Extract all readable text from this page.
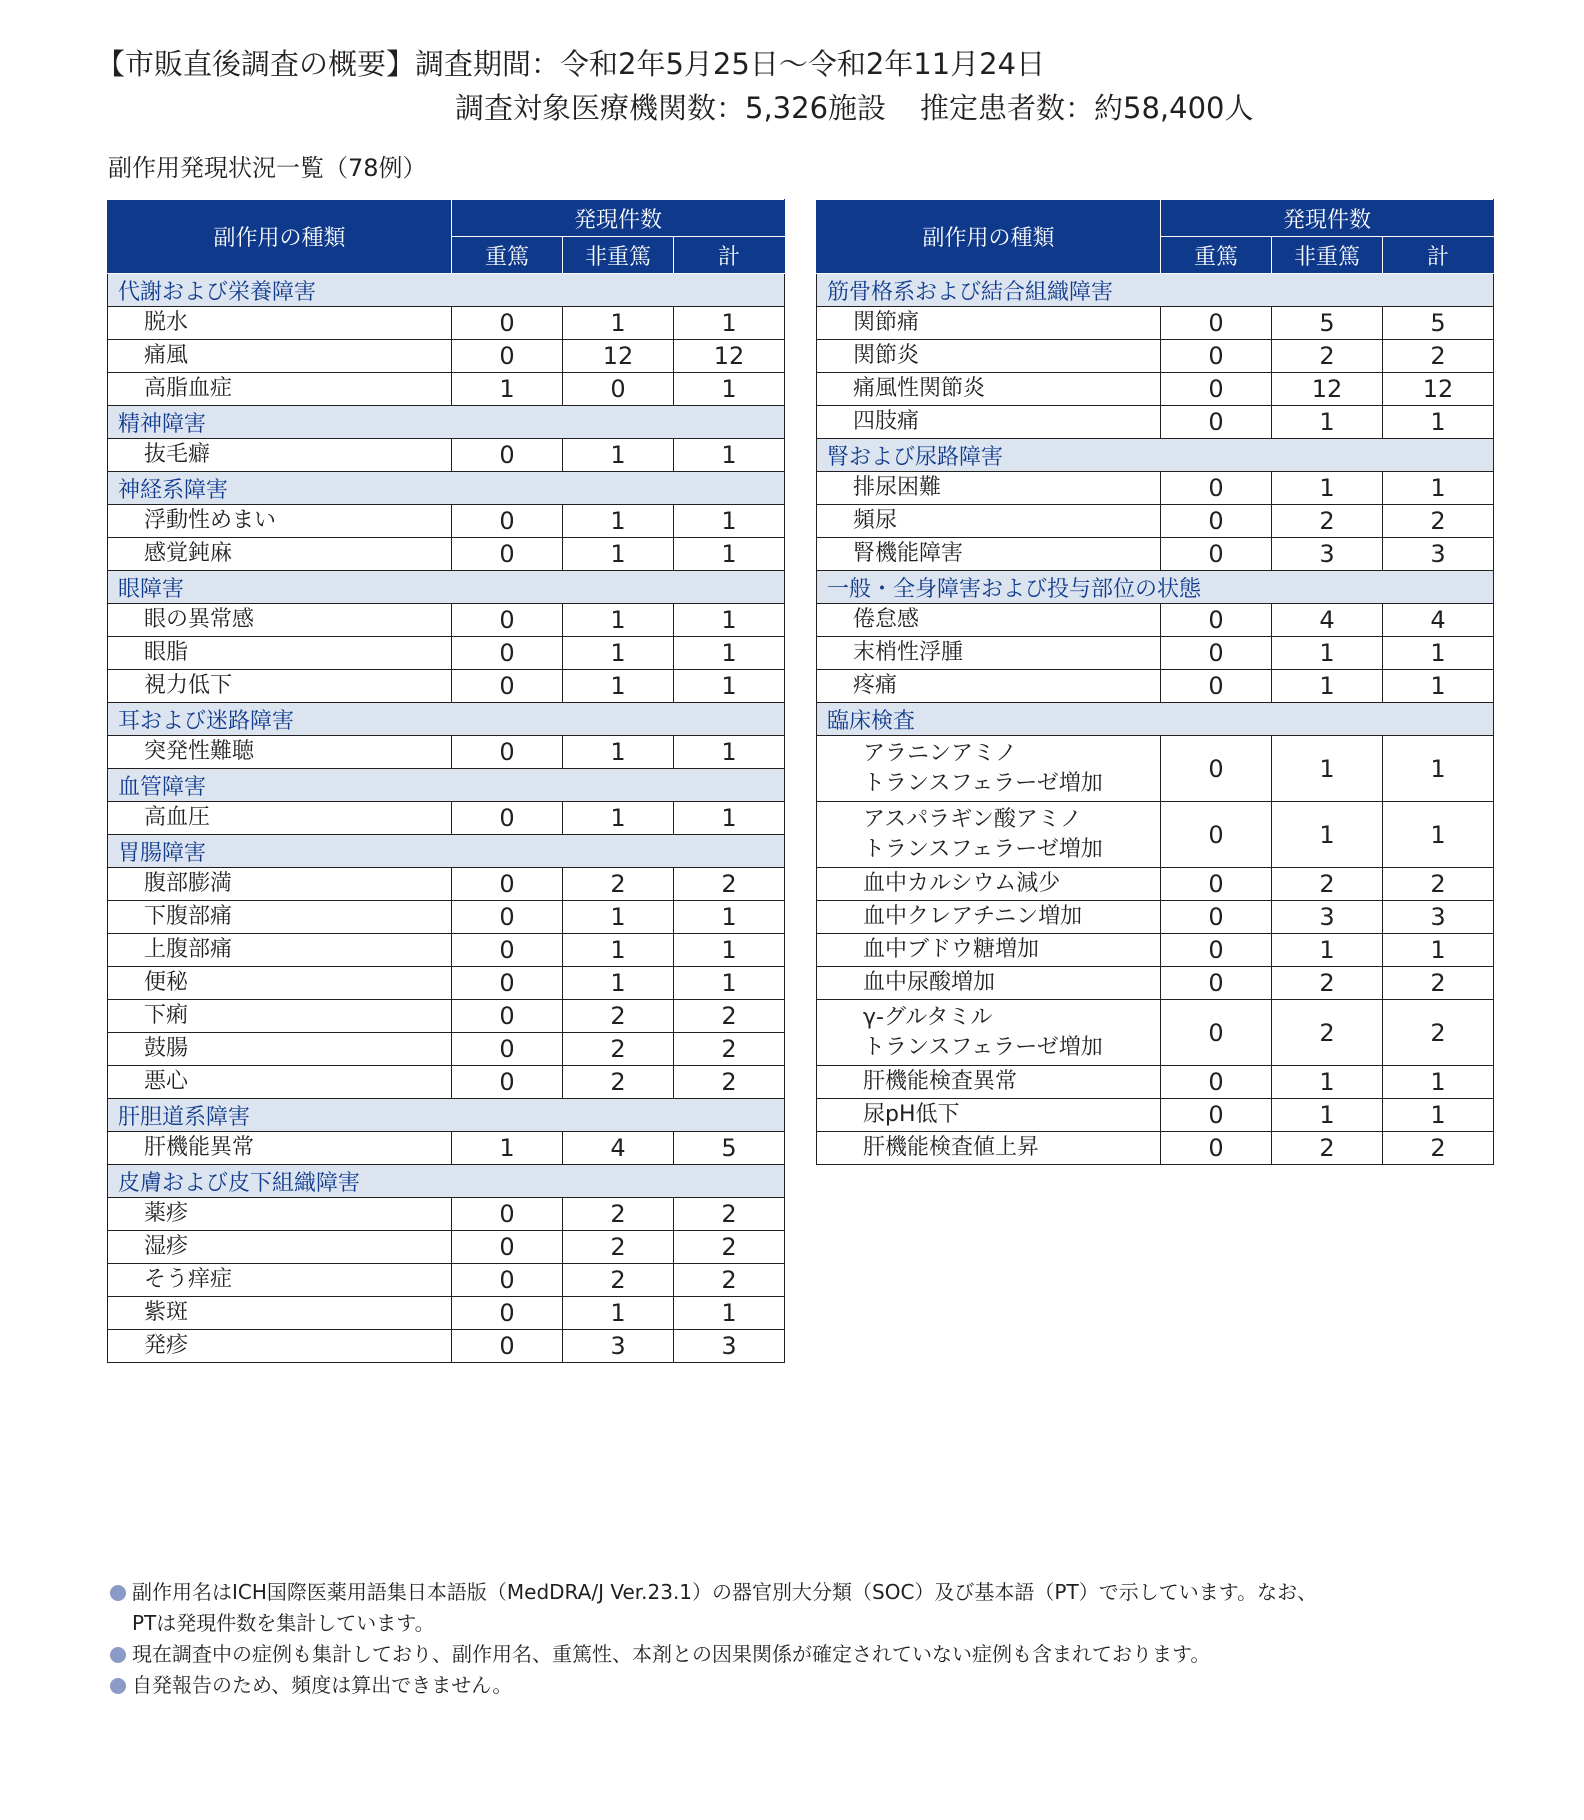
【市販直後調査の概要】調査期間：令和2年5月25日～令和2年11月24日
調査対象医療機関数：5,326施設 推定患者数：約58,400人
副作用発現状況一覧（78例）
副作用の種類	発現件数		
	重篤	非重篤	計
代謝および栄養障害			
脱水	0	1	1
痛風	0	12	12
高脂血症	1	0	1
精神障害			
抜毛癖	0	1	1
神経系障害			
浮動性めまい	0	1	1
感覚鈍麻	0	1	1
眼障害			
眼の異常感	0	1	1
眼脂	0	1	1
視力低下	0	1	1
耳および迷路障害			
突発性難聴	0	1	1
血管障害			
高血圧	0	1	1
胃腸障害			
腹部膨満	0	2	2
下腹部痛	0	1	1
上腹部痛	0	1	1
便秘	0	1	1
下痢	0	2	2
鼓腸	0	2	2
悪心	0	2	2
肝胆道系障害			
肝機能異常	1	4	5
皮膚および皮下組織障害			
薬疹	0	2	2
湿疹	0	2	2
そう痒症	0	2	2
紫斑	0	1	1
発疹	0	3	3
副作用の種類	発現件数		
	重篤	非重篤	計
筋骨格系および結合組織障害			
関節痛	0	5	5
関節炎	0	2	2
痛風性関節炎	0	12	12
四肢痛	0	1	1
腎および尿路障害			
排尿困難	0	1	1
頻尿	0	2	2
腎機能障害	0	3	3
一般・全身障害および投与部位の状態			
倦怠感	0	4	4
末梢性浮腫	0	1	1
疼痛	0	1	1
臨床検査			

アラニンアミノ
トランスフェラーゼ増加	0	1	1

アスパラギン酸アミノ
トランスフェラーゼ増加	0	1	1
血中カルシウム減少	0	2	2
血中クレアチニン増加	0	3	3
血中ブドウ糖増加	0	1	1
血中尿酸増加	0	2	2

γ-グルタミル
トランスフェラーゼ増加	0	2	2
肝機能検査異常	0	1	1
尿pH低下	0	1	1
肝機能検査値上昇	0	2	2
副作用名はICH国際医薬用語集日本語版（MedDRA/J Ver.23.1）の器官別大分類（SOC）及び基本語（PT）で示しています。なお、
PTは発現件数を集計しています。
現在調査中の症例も集計しており、副作用名、重篤性、本剤との因果関係が確定されていない症例も含まれております。
自発報告のため、頻度は算出できません。
